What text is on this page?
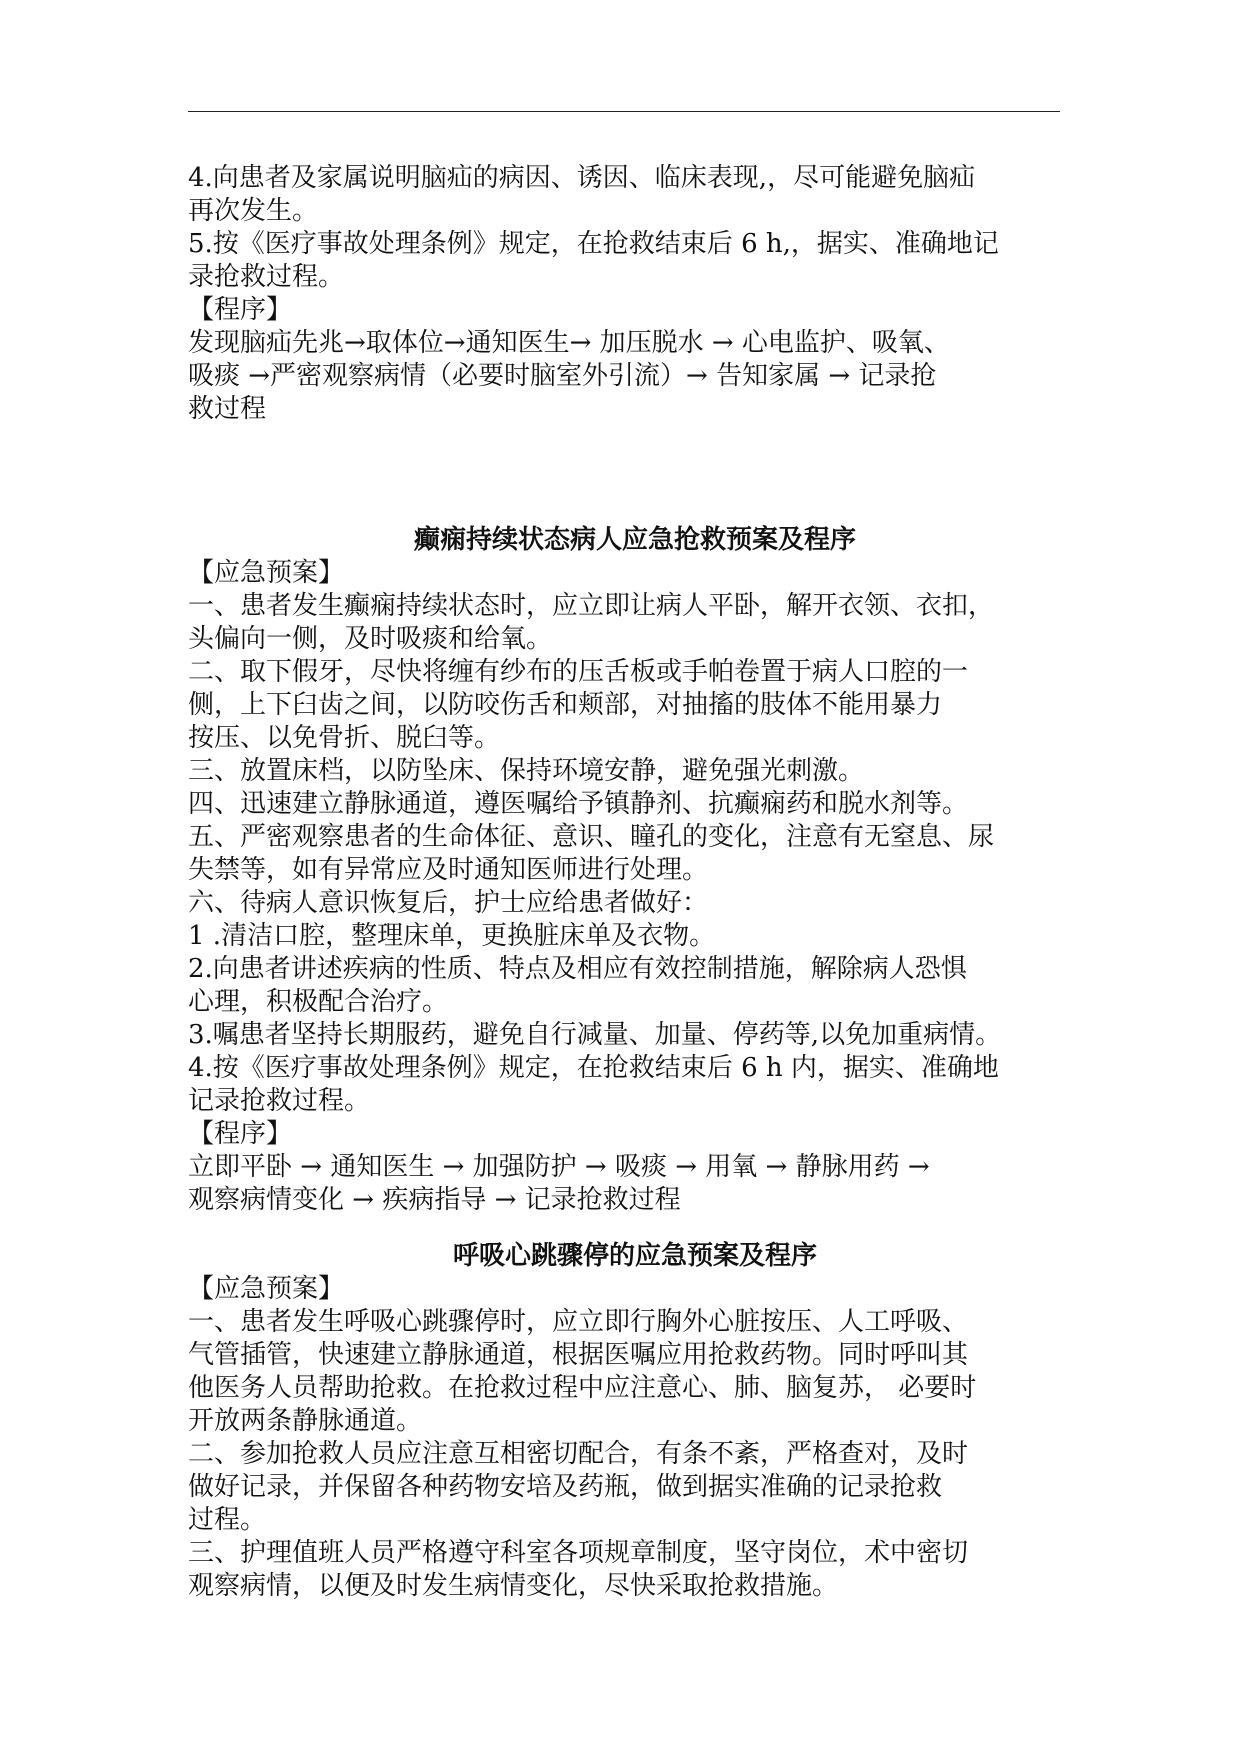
4.向患者及家属说明脑疝的病因、诱因、临床表现,，尽可能避免脑疝
再次发生。
5.按《医疗事故处理条例》规定，在抢救结束后 6 h,，据实、准确地记
录抢救过程。
【程序】
发现脑疝先兆→取体位→通知医生→ 加压脱水 → 心电监护、吸氧、
吸痰 →严密观察病情（必要时脑室外引流）→ 告知家属 → 记录抢
救过程
癫痫持续状态病人应急抢救预案及程序
【应急预案】
一、患者发生癫痫持续状态时，应立即让病人平卧，解开衣领、衣扣，
头偏向一侧，及时吸痰和给氧。
二、取下假牙，尽快将缠有纱布的压舌板或手帕卷置于病人口腔的一
侧，上下臼齿之间，以防咬伤舌和颊部，对抽搐的肢体不能用暴力
按压、以免骨折、脱臼等。
三、放置床档，以防坠床、保持环境安静，避免强光刺激。
四、迅速建立静脉通道，遵医嘱给予镇静剂、抗癫痫药和脱水剂等。
五、严密观察患者的生命体征、意识、瞳孔的变化，注意有无窒息、尿
失禁等，如有异常应及时通知医师进行处理。
六、待病人意识恢复后，护士应给患者做好：
1 .清洁口腔，整理床单，更换脏床单及衣物。
2.向患者讲述疾病的性质、特点及相应有效控制措施，解除病人恐惧
心理，积极配合治疗。
3.嘱患者坚持长期服药，避免自行减量、加量、停药等,以免加重病情。
4.按《医疗事故处理条例》规定，在抢救结束后 6 h 内，据实、准确地
记录抢救过程。
【程序】
立即平卧 → 通知医生 → 加强防护 → 吸痰 → 用氧 → 静脉用药 →
观察病情变化 → 疾病指导 → 记录抢救过程
呼吸心跳骤停的应急预案及程序
【应急预案】
一、患者发生呼吸心跳骤停时，应立即行胸外心脏按压、人工呼吸、
气管插管，快速建立静脉通道，根据医嘱应用抢救药物。同时呼叫其
他医务人员帮助抢救。在抢救过程中应注意心、肺、脑复苏， 必要时
开放两条静脉通道。
二、参加抢救人员应注意互相密切配合，有条不紊，严格查对，及时
做好记录，并保留各种药物安培及药瓶，做到据实准确的记录抢救
过程。
三、护理值班人员严格遵守科室各项规章制度，坚守岗位，术中密切
观察病情，以便及时发生病情变化，尽快采取抢救措施。
